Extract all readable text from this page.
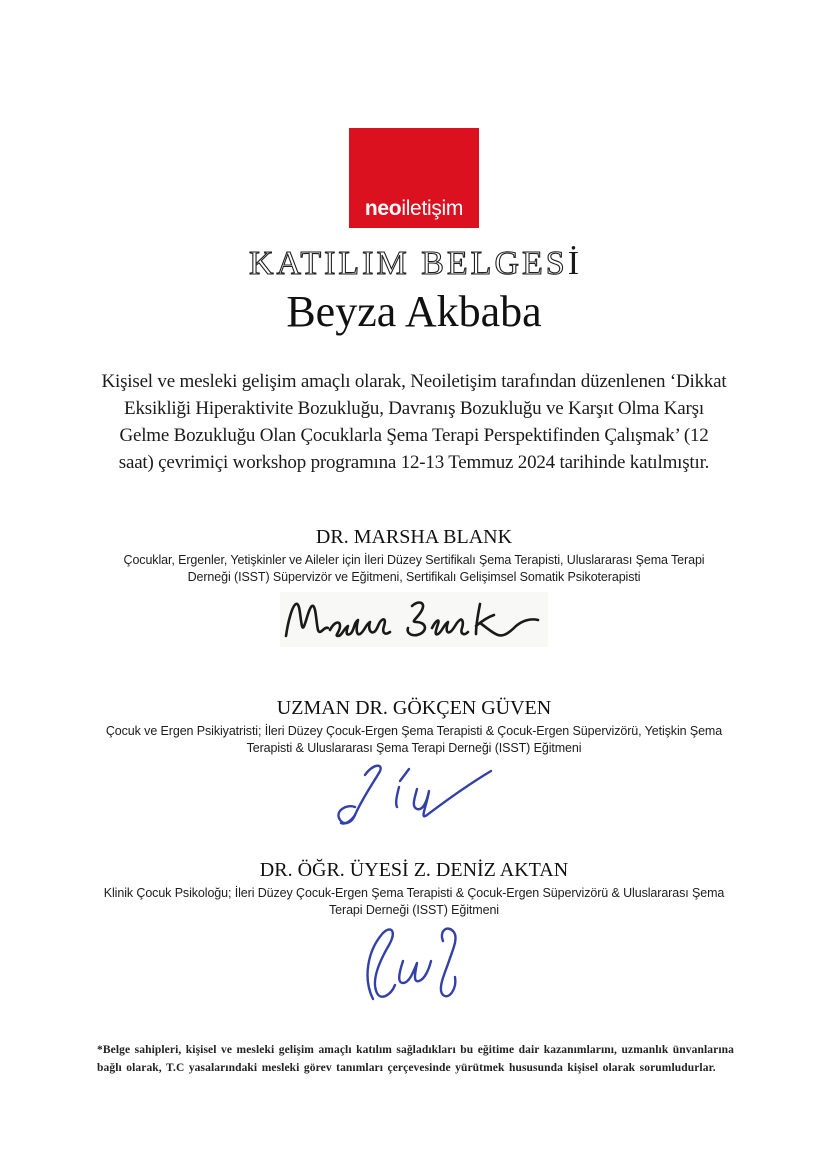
neoiletişim
KATILIM BELGESİ
Beyza Akbaba
Kişisel ve mesleki gelişim amaçlı olarak, Neoiletişim tarafından düzenlenen ‘Dikkat
Eksikliği Hiperaktivite Bozukluğu, Davranış Bozukluğu ve Karşıt Olma Karşı
Gelme Bozukluğu Olan Çocuklarla Şema Terapi Perspektifinden Çalışmak’ (12
saat) çevrimiçi workshop programına 12-13 Temmuz 2024 tarihinde katılmıştır.
DR. MARSHA BLANK
Çocuklar, Ergenler, Yetişkinler ve Aileler için İleri Düzey Sertifikalı Şema Terapisti, Uluslararası Şema Terapi
Derneği (ISST) Süpervizör ve Eğitmeni, Sertifikalı Gelişimsel Somatik Psikoterapisti
UZMAN DR. GÖKÇEN GÜVEN
Çocuk ve Ergen Psikiyatristi; İleri Düzey Çocuk-Ergen Şema Terapisti & Çocuk-Ergen Süpervizörü, Yetişkin Şema
Terapisti & Uluslararası Şema Terapi Derneği (ISST) Eğitmeni
DR. ÖĞR. ÜYESİ Z. DENİZ AKTAN
Klinik Çocuk Psikoloğu; İleri Düzey Çocuk-Ergen Şema Terapisti & Çocuk-Ergen Süpervizörü & Uluslararası Şema
Terapi Derneği (ISST) Eğitmeni
*Belge sahipleri, kişisel ve mesleki gelişim amaçlı katılım sağladıkları bu eğitime dair kazanımlarını, uzmanlık ünvanlarına
bağlı olarak, T.C yasalarındaki mesleki görev tanımları çerçevesinde yürütmek hususunda kişisel olarak sorumludurlar.
